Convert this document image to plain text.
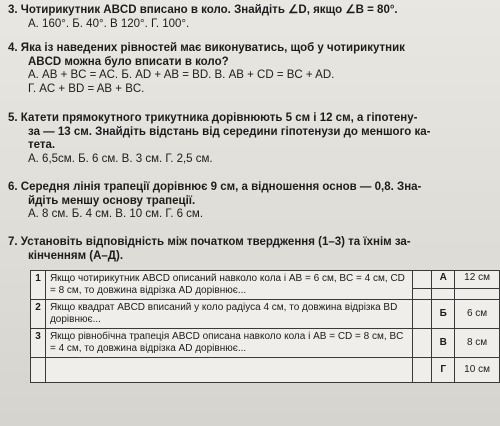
3. Чотирикутник ABCD вписано в коло. Знайдіть ∠D, якщо ∠B = 80°.
А. 160°. Б. 40°. В 120°. Г. 100°.
4. Яка із наведених рівностей має виконуватись, щоб у чотирикутник
ABCD можна було вписати в коло?
А. AB + BC = AC. Б. AD + AB = BD. В. AB + CD = BC + AD.
Г. AC + BD = AB + BC.
5. Катети прямокутного трикутника дорівнюють 5 см і 12 см, а гіпотену-
за — 13 см. Знайдіть відстань від середини гіпотенузи до меншого ка-
тета.
А. 6,5см. Б. 6 см. В. 3 см. Г. 2,5 см.
6. Середня лінія трапеції дорівнює 9 см, а відношення основ — 0,8. Зна-
йдіть меншу основу трапеції.
А. 8 см. Б. 4 см. В. 10 см. Г. 6 см.
7. Установіть відповідність між початком твердження (1–3) та їхнім за-
кінченням (А–Д).
1	Якщо чотирикутник ABCD описаний навколо кола і AB = 6 см, BC = 4 см, CD = 8 см, то довжина відрізка AD дорівнює...		А	12 см

2	Якщо квадрат ABCD вписаний у коло радіуса 4 см, то довжина відрізка BD дорівнює...		Б	6 см
3	Якщо рівнобічна трапеція ABCD описана навколо кола і AB = CD = 8 см, BC = 4 см, то довжина відрізка AD дорівнює...		В	8 см
			Г	10 см
